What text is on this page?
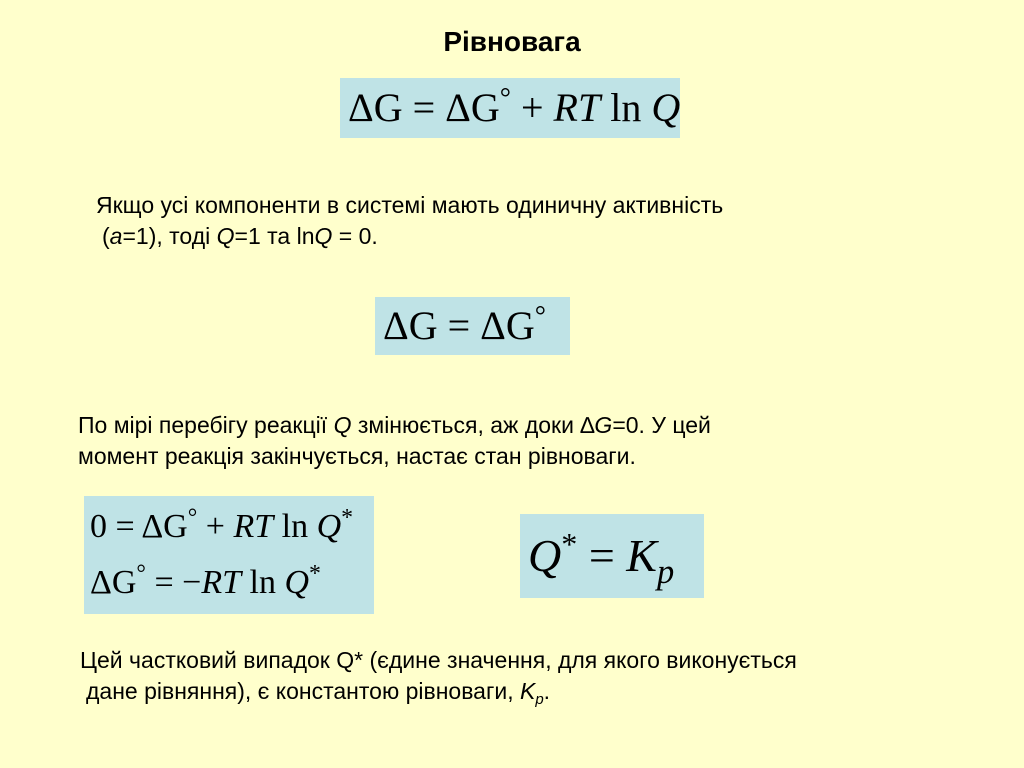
Рівновага
ΔG = ΔG° + RT ln Q
Якщо усі компоненти в системі мають одиничну активність
(a=1), тоді Q=1 та lnQ = 0.
ΔG = ΔG°
По мірі перебігу реакції Q змінюється, аж доки ∆G=0. У цей
момент реакція закінчується, настає стан рівноваги.
0 = ΔG° + RT ln Q*
ΔG° = −RT ln Q*	$Q^* = K_p$
Цей частковий випадок Q* (єдине значення, для якого виконується
дане рівняння), є константою рівноваги, $K_p$.
